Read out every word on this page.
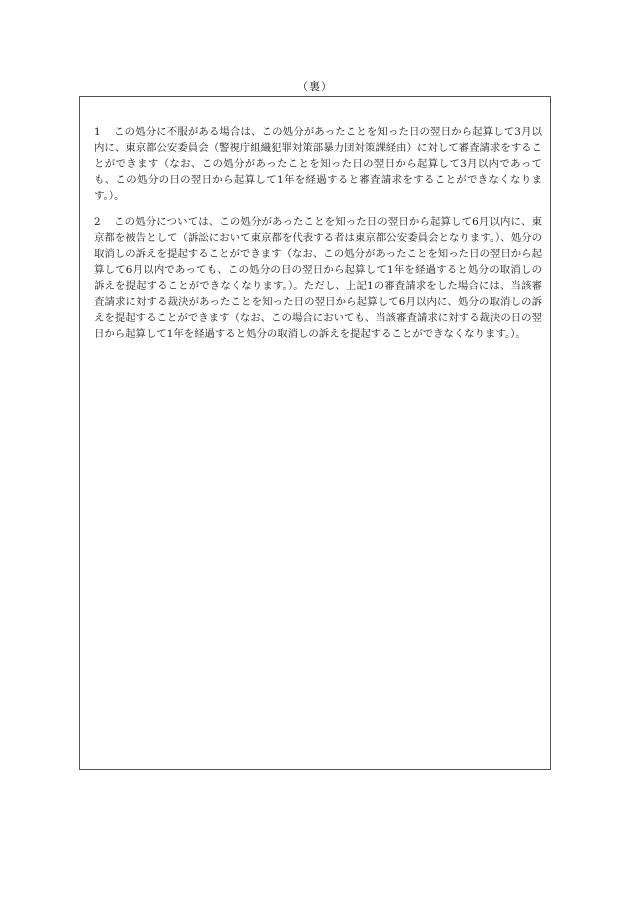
（裏）

1 この処分に不服がある場合は、この処分があったことを知った日の翌日から起算して3月以内に、東京都公安委員会（警視庁組織犯罪対策部暴力団対策課経由）に対して審査請求をすることができます（なお、この処分があったことを知った日の翌日から起算して3月以内であっても、この処分の日の翌日から起算して1年を経過すると審査請求をすることができなくなります。）。

2 この処分については、この処分があったことを知った日の翌日から起算して6月以内に、東京都を被告として（訴訟において東京都を代表する者は東京都公安委員会となります。）、処分の取消しの訴えを提起することができます（なお、この処分があったことを知った日の翌日から起算して6月以内であっても、この処分の日の翌日から起算して1年を経過すると処分の取消しの訴えを提起することができなくなります。）。ただし、上記1の審査請求をした場合には、当該審査請求に対する裁決があったことを知った日の翌日から起算して6月以内に、処分の取消しの訴えを提起することができます（なお、この場合においても、当該審査請求に対する裁決の日の翌日から起算して1年を経過すると処分の取消しの訴えを提起することができなくなります。）。
